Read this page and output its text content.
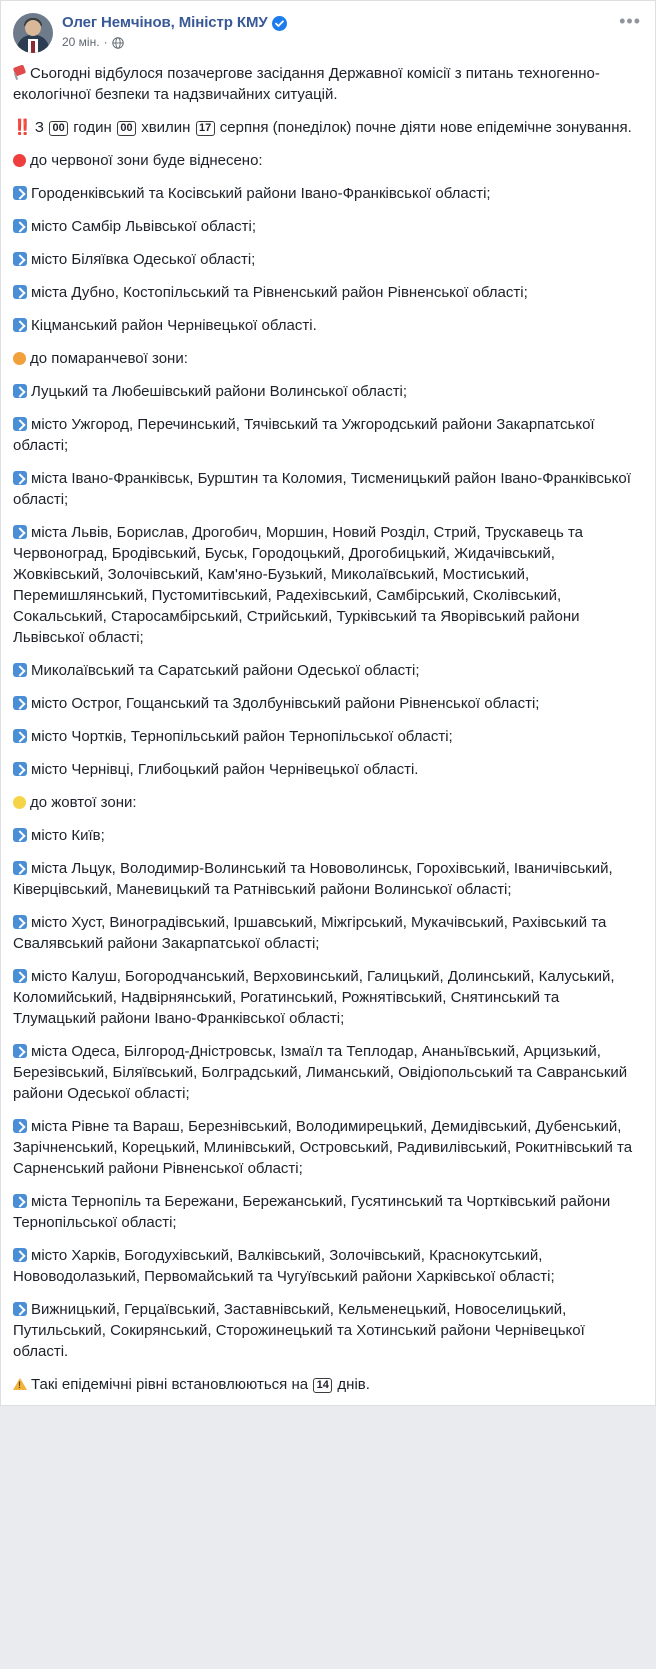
Олег Немчінов, Міністр КМУ
20 мін. ·
•••

Сьогодні відбулося позачергове засідання Державної комісії з питань техногенно-екологічної безпеки та надзвичайних ситуацій.

‼️ З 00 годин 00 хвилин 17 серпня (понеділок) почне діяти нове епідемічне зонування.

до червоної зони буде віднесено:

Городенківський та Косівський райони Івано-Франківської області;

місто Самбір Львівської області;

місто Біляївка Одеської області;

міста Дубно, Костопільський та Рівненський район Рівненської області;

Кіцманський район Чернівецької області.

до помаранчевої зони:

Луцький та Любешівський райони Волинської області;

місто Ужгород, Перечинський, Тячівський та Ужгородський райони Закарпатської області;

міста Івано-Франківськ, Бурштин та Коломия, Тисменицький район Івано-Франківської області;

міста Львів, Борислав, Дрогобич, Моршин, Новий Розділ, Стрий, Трускавець та Червоноград, Бродівський, Буськ, Городоцький, Дрогобицький, Жидачівський, Жовківський, Золочівський, Кам'яно-Бузький, Миколаївський, Мостиський, Перемишлянський, Пустомитівський, Радехівський, Самбірський, Сколівський, Сокальський, Старосамбірський, Стрийський, Турківський та Яворівський райони Львівської області;

Миколаївський та Саратський райони Одеської області;

місто Острог, Гощанський та Здолбунівський райони Рівненської області;

місто Чортків, Тернопільський район Тернопільської області;

місто Чернівці, Глибоцький район Чернівецької області.

до жовтої зони:

місто Київ;

міста Льцук, Володимир-Волинський та Нововолинськ, Горохівський, Іваничівський, Ківерцівський, Маневицький та Ратнівський райони Волинської області;

місто Хуст, Виноградівський, Іршавський, Міжгірський, Мукачівський, Рахівський та Свалявський райони Закарпатської області;

місто Калуш, Богородчанський, Верховинський, Галицький, Долинський, Калуський, Коломийський, Надвірнянський, Рогатинський, Рожнятівський, Снятинський та Тлумацький райони Івано-Франківської області;

міста Одеса, Білгород-Дністровськ, Ізмаїл та Теплодар, Ананьївський, Арцизький, Березівський, Біляївський, Болградський, Лиманський, Овідіопольський та Савранський райони Одеської області;

міста Рівне та Вараш, Березнівський, Володимирецький, Демидівський, Дубенський, Зарічненський, Корецький, Млинівський, Островський, Радивилівський, Рокитнівський та Сарненський райони Рівненської області;

міста Тернопіль та Бережани, Бережанський, Гусятинський та Чортківський райони Тернопільської області;

місто Харків, Богодухівський, Валківський, Золочівський, Краснокутський, Нововодолазький, Первомайський та Чугуївський райони Харківської області;

Вижницький, Герцаївський, Заставнівський, Кельменецький, Новоселицький, Путильський, Сокирянський, Сторожинецький та Хотинський райони Чернівецької області.

!Такі епідемічні рівні встановлюються на 14 днів.
